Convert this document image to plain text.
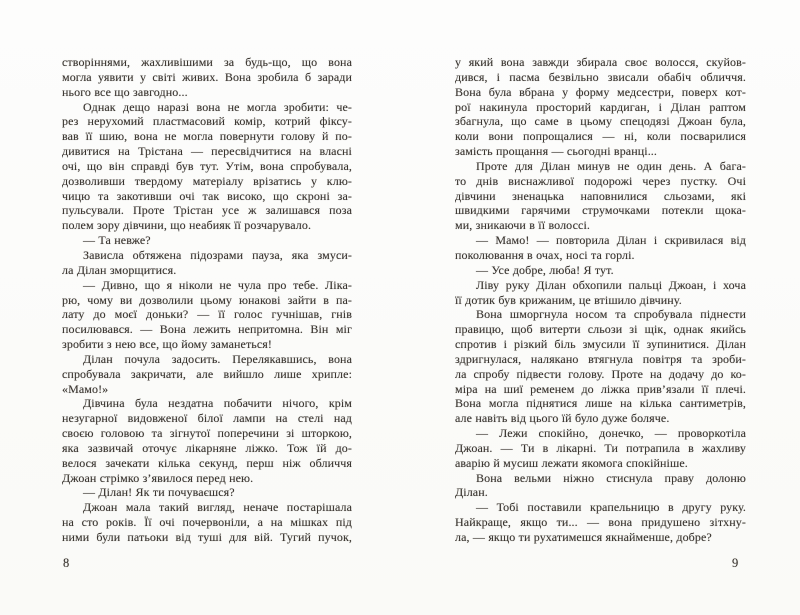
створіннями, жахливішими за будь-що, що вона
могла уявити у світі живих. Вона зробила б заради
нього все що завгодно...
Однак дещо наразі вона не могла зробити: че-
рез нерухомий пластмасовий комір, котрий фіксу-
вав її шию, вона не могла повернути голову й по-
дивитися на Трістана — пересвідчитися на власні
очі, що він справді був тут. Утім, вона спробувала,
дозволивши твердому матеріалу врізатись у клю-
чицю та закотивши очі так високо, що скроні за-
пульсували. Проте Трістан усе ж залишався поза
полем зору дівчини, що неабияк її розчарувало.
— Та невже?
Зависла обтяжена підозрами пауза, яка змуси-
ла Ділан зморщитися.
— Дивно, що я ніколи не чула про тебе. Ліка-
рю, чому ви дозволили цьому юнакові зайти в па-
лату до моєї доньки? — її голос гучнішав, гнів
посилювався. — Вона лежить непритомна. Він міг
зробити з нею все, що йому заманеться!
Ділан почула задосить. Перелякавшись, вона
спробувала закричати, але вийшло лише хрипле:
«Мамо!»
Дівчина була нездатна побачити нічого, крім
незугарної видовженої білої лампи на стелі над
своєю головою та зігнутої поперечини зі шторкою,
яка зазвичай оточує лікарняне ліжко. Тож їй до-
велося зачекати кілька секунд, перш ніж обличчя
Джоан стрімко з’явилося перед нею.
— Ділан! Як ти почуваєшся?
Джоан мала такий вигляд, неначе постарішала
на сто років. Її очі почервоніли, а на мішках під
ними були патьоки від туші для вій. Тугий пучок,
у який вона завжди збирала своє волосся, скуйов-
дився, і пасма безвільно звисали обабіч обличчя.
Вона була вбрана у форму медсестри, поверх кот-
рої накинула просторий кардиган, і Ділан раптом
збагнула, що саме в цьому спецодязі Джоан була,
коли вони попрощалися — ні, коли посварилися
замість прощання — сьогодні вранці...
Проте для Ділан минув не один день. А бага-
то днів виснажливої подорожі через пустку. Очі
дівчини зненацька наповнилися сльозами, які
швидкими гарячими струмочками потекли щока-
ми, зникаючи в її волоссі.
— Мамо! — повторила Ділан і скривилася від
поколювання в очах, носі та горлі.
— Усе добре, люба! Я тут.
Ліву руку Ділан обхопили пальці Джоан, і хоча
її дотик був крижаним, це втішило дівчину.
Вона шморгнула носом та спробувала піднести
правицю, щоб витерти сльози зі щік, однак якийсь
спротив і різкий біль змусили її зупинитися. Ділан
здригнулася, налякано втягнула повітря та зроби-
ла спробу підвести голову. Проте на додачу до ко-
міра на шиї ременем до ліжка прив’язали її плечі.
Вона могла піднятися лише на кілька сантиметрів,
але навіть від цього їй було дуже боляче.
— Лежи спокійно, донечко, — проворкотіла
Джоан. — Ти в лікарні. Ти потрапила в жахливу
аварію й мусиш лежати якомога спокійніше.
Вона вельми ніжно стиснула праву долоню
Ділан.
— Тобі поставили крапельницю в другу руку.
Найкраще, якщо ти... — вона придушено зітхну-
ла, — якщо ти рухатимешся якнайменше, добре?
8	9
